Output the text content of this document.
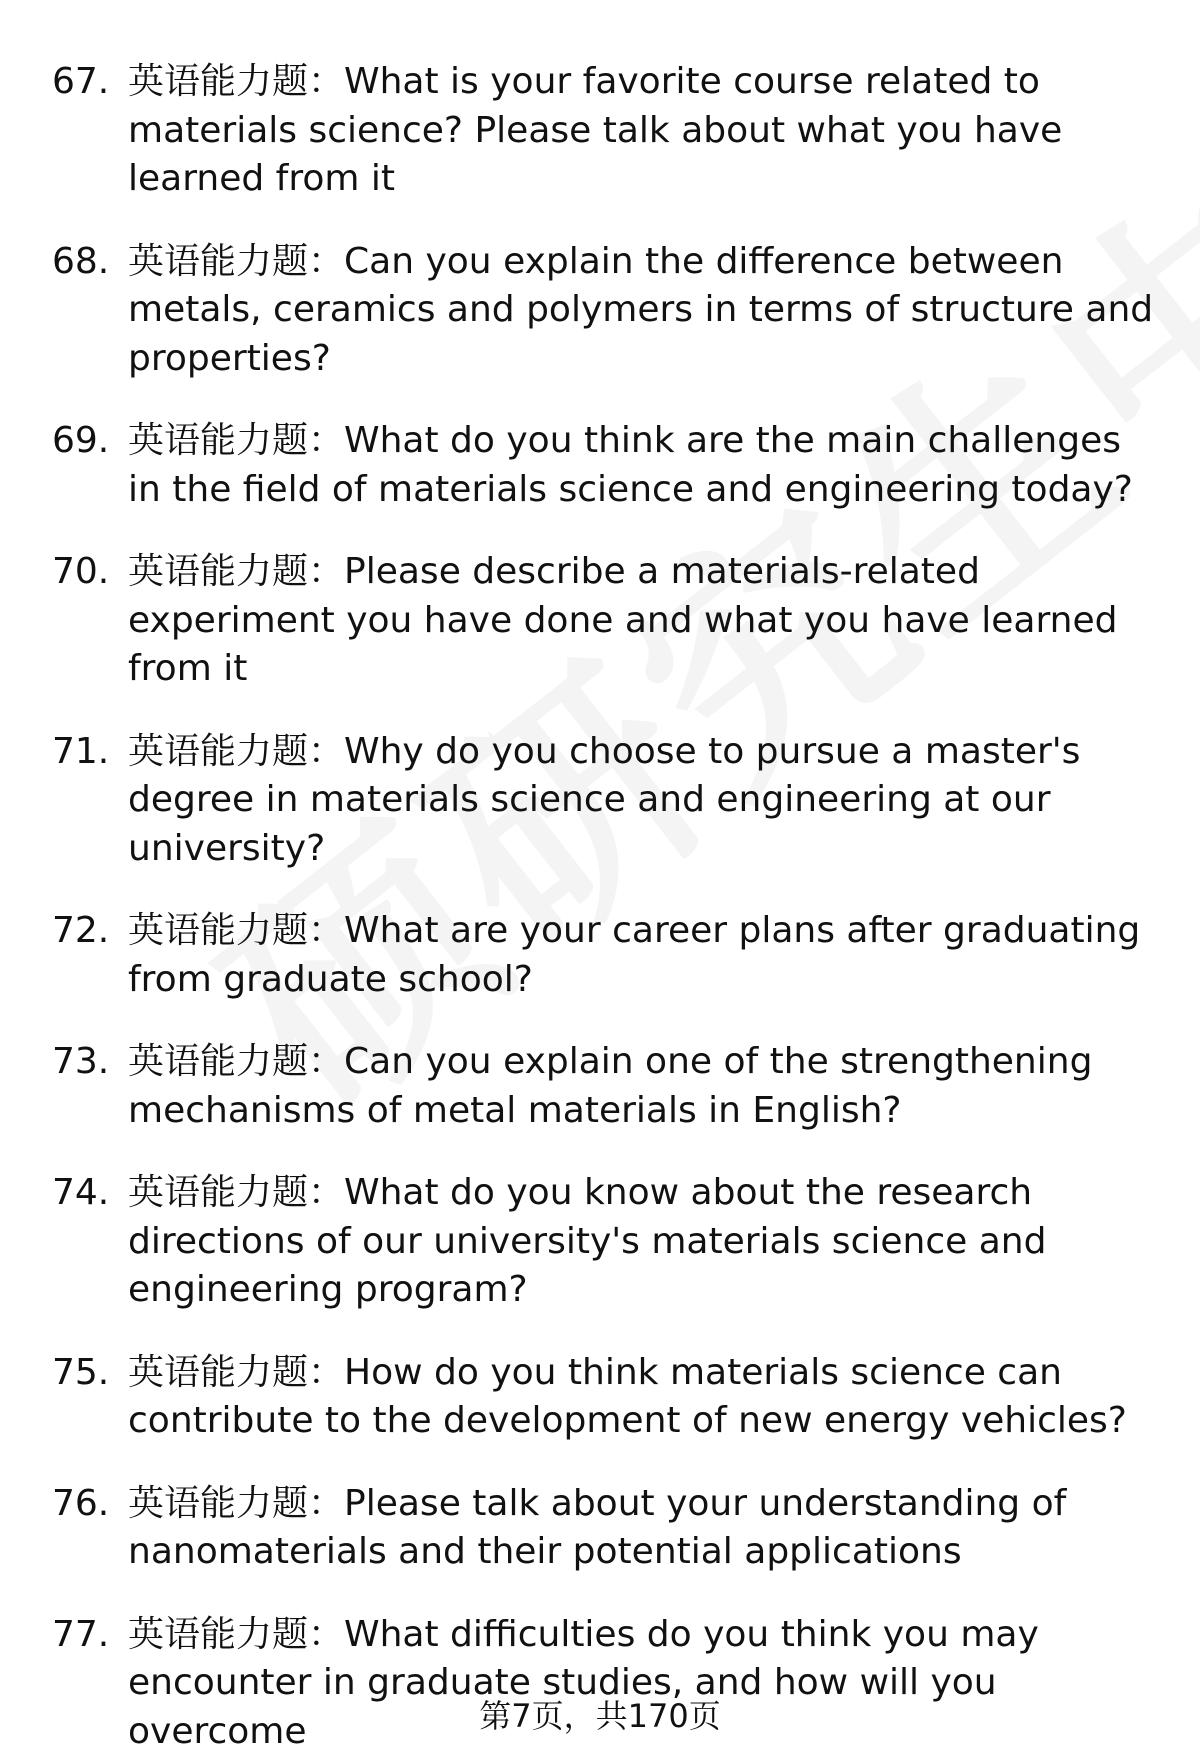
67. 英语能力题：What is your favorite course related to materials science? Please talk about what you have learned from it
68. 英语能力题：Can you explain the difference between metals, ceramics and polymers in terms of structure and properties?
69. 英语能力题：What do you think are the main challenges in the field of materials science and engineering today?
70. 英语能力题：Please describe a materials-related experiment you have done and what you have learned from it
71. 英语能力题：Why do you choose to pursue a master's degree in materials science and engineering at our university?
72. 英语能力题：What are your career plans after graduating from graduate school?
73. 英语能力题：Can you explain one of the strengthening mechanisms of metal materials in English?
74. 英语能力题：What do you know about the research directions of our university's materials science and engineering program?
75. 英语能力题：How do you think materials science can contribute to the development of new energy vehicles?
76. 英语能力题：Please talk about your understanding of nanomaterials and their potential applications
77. 英语能力题：What difficulties do you think you may encounter in graduate studies, and how will you overcome	第7页，共170页
